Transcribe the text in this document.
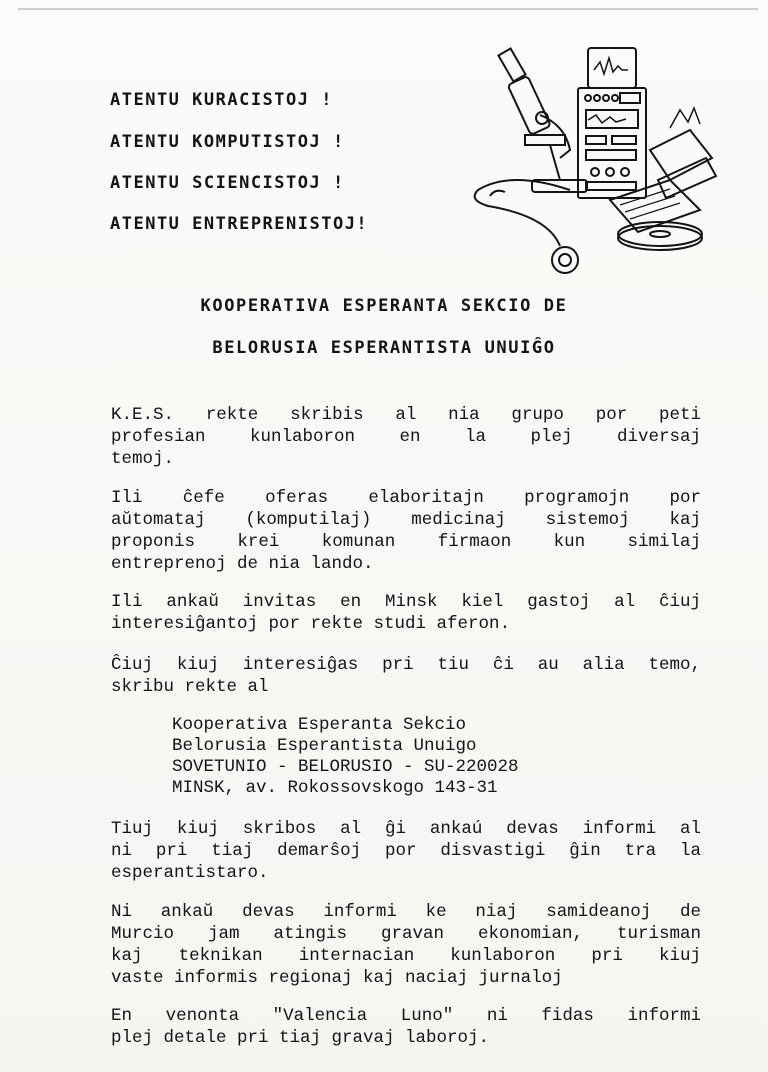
ATENTU KURACISTOJ !
ATENTU KOMPUTISTOJ !
ATENTU SCIENCISTOJ !
ATENTU ENTREPRENISTOJ!
KOOPERATIVA ESPERANTA SEKCIO DE
BELORUSIA ESPERANTISTA UNUIĜO
K.E.S. rekte skribis al nia grupo por peti
profesian kunlaboron en la plej diversaj
temoj.
Ili ĉefe oferas elaboritajn programojn por
aŭtomataj (komputilaj) medicinaj sistemoj kaj
proponis krei komunan firmaon kun similaj
entreprenoj de nia lando.
Ili ankaŭ invitas en Minsk kiel gastoj al ĉiuj
interesiĝantoj por rekte studi aferon.
Ĉiuj kiuj interesiĝas pri tiu ĉi au alia temo,
skribu rekte al
Kooperativa Esperanta Sekcio
Belorusia Esperantista Unuigo
SOVETUNIO - BELORUSIO - SU-220028
MINSK, av. Rokossovskogo 143-31
Tiuj kiuj skribos al ĝi ankaú devas informi al
ni pri tiaj demarŝoj por disvastigi ĝin tra la
esperantistaro.
Ni ankaŭ devas informi ke niaj samideanoj de
Murcio jam atingis gravan ekonomian, turisman
kaj teknikan internacian kunlaboron pri kiuj
vaste informis regionaj kaj naciaj jurnaloj
En venonta "Valencia Luno" ni fidas informi
plej detale pri tiaj gravaj laboroj.
